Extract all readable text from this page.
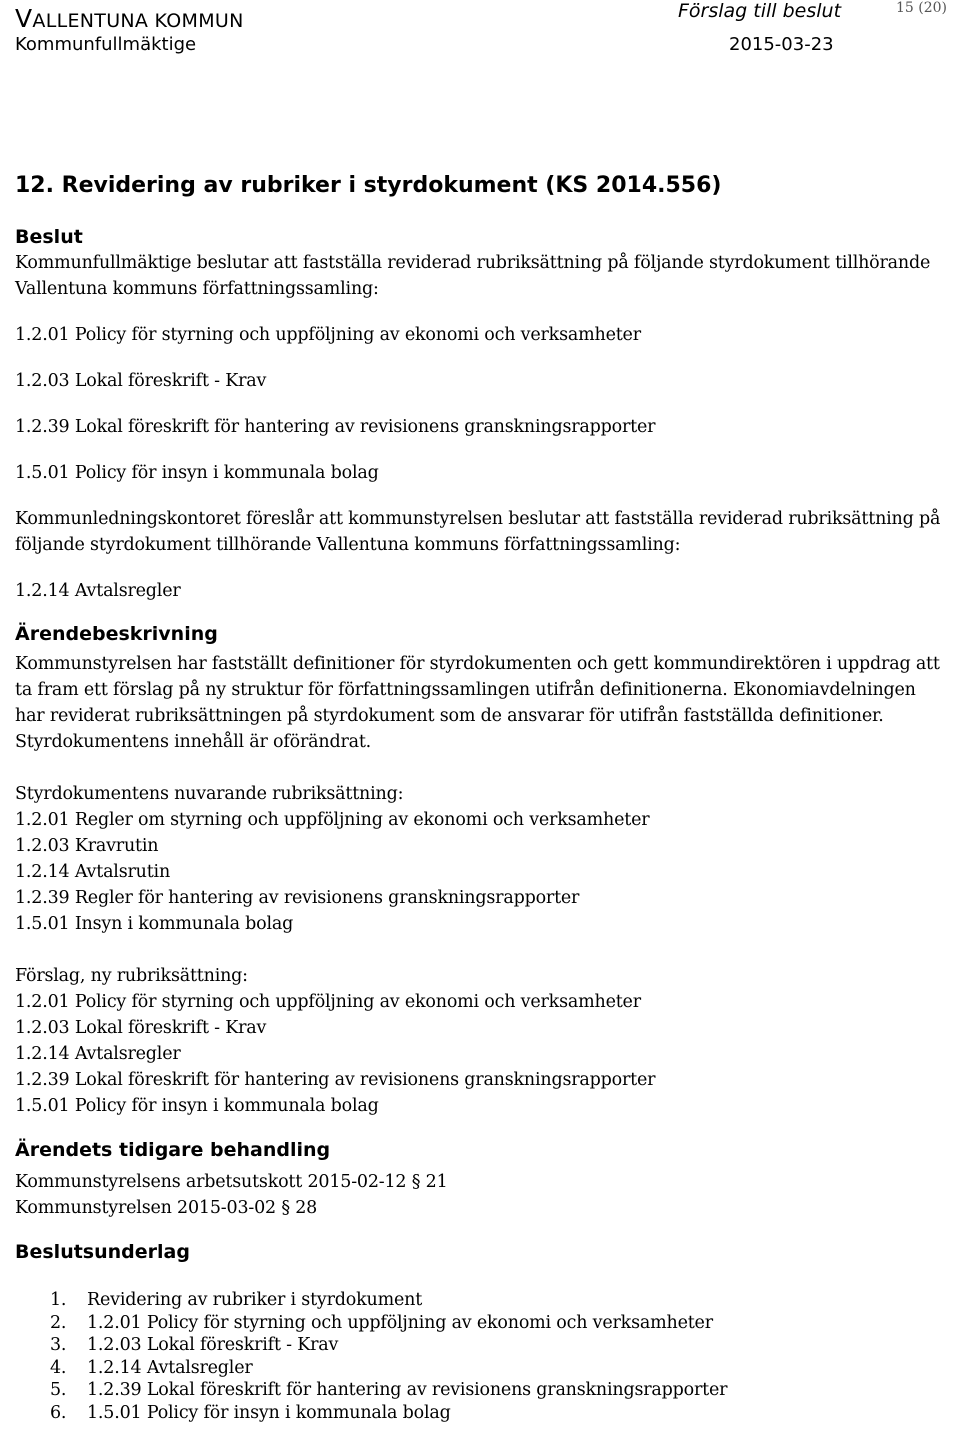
VALLENTUNA KOMMUN
Kommunfullmäktige
Förslag till beslut
2015-03-23
15 (20)
12. Revidering av rubriker i styrdokument (KS 2014.556)
Beslut

Kommunfullmäktige beslutar att fastställa reviderad rubriksättning på följande styrdokument tillhörande Vallentuna kommuns författningssamling:

1.2.01 Policy för styrning och uppföljning av ekonomi och verksamheter

1.2.03 Lokal föreskrift - Krav

1.2.39 Lokal föreskrift för hantering av revisionens granskningsrapporter

1.5.01 Policy för insyn i kommunala bolag

Kommunledningskontoret föreslår att kommunstyrelsen beslutar att fastställa reviderad rubriksättning på följande styrdokument tillhörande Vallentuna kommuns författningssamling:

1.2.14 Avtalsregler

Ärendebeskrivning

Kommunstyrelsen har fastställt definitioner för styrdokumenten och gett kommundirektören i uppdrag att ta fram ett förslag på ny struktur för författningssamlingen utifrån definitionerna. Ekonomiavdelningen har reviderat rubriksättningen på styrdokument som de ansvarar för utifrån fastställda definitioner. Styrdokumentens innehåll är oförändrat.

Styrdokumentens nuvarande rubriksättning:

1.2.01 Regler om styrning och uppföljning av ekonomi och verksamheter

1.2.03 Kravrutin

1.2.14 Avtalsrutin

1.2.39 Regler för hantering av revisionens granskningsrapporter

1.5.01 Insyn i kommunala bolag

Förslag, ny rubriksättning:

1.2.01 Policy för styrning och uppföljning av ekonomi och verksamheter

1.2.03 Lokal föreskrift - Krav

1.2.14 Avtalsregler

1.2.39 Lokal föreskrift för hantering av revisionens granskningsrapporter

1.5.01 Policy för insyn i kommunala bolag

Ärendets tidigare behandling

Kommunstyrelsens arbetsutskott 2015-02-12 § 21

Kommunstyrelsen 2015-03-02 § 28

Beslutsunderlag
1. Revidering av rubriker i styrdokument
2. 1.2.01 Policy för styrning och uppföljning av ekonomi och verksamheter
3. 1.2.03 Lokal föreskrift - Krav
4. 1.2.14 Avtalsregler
5. 1.2.39 Lokal föreskrift för hantering av revisionens granskningsrapporter
6. 1.5.01 Policy för insyn i kommunala bolag
